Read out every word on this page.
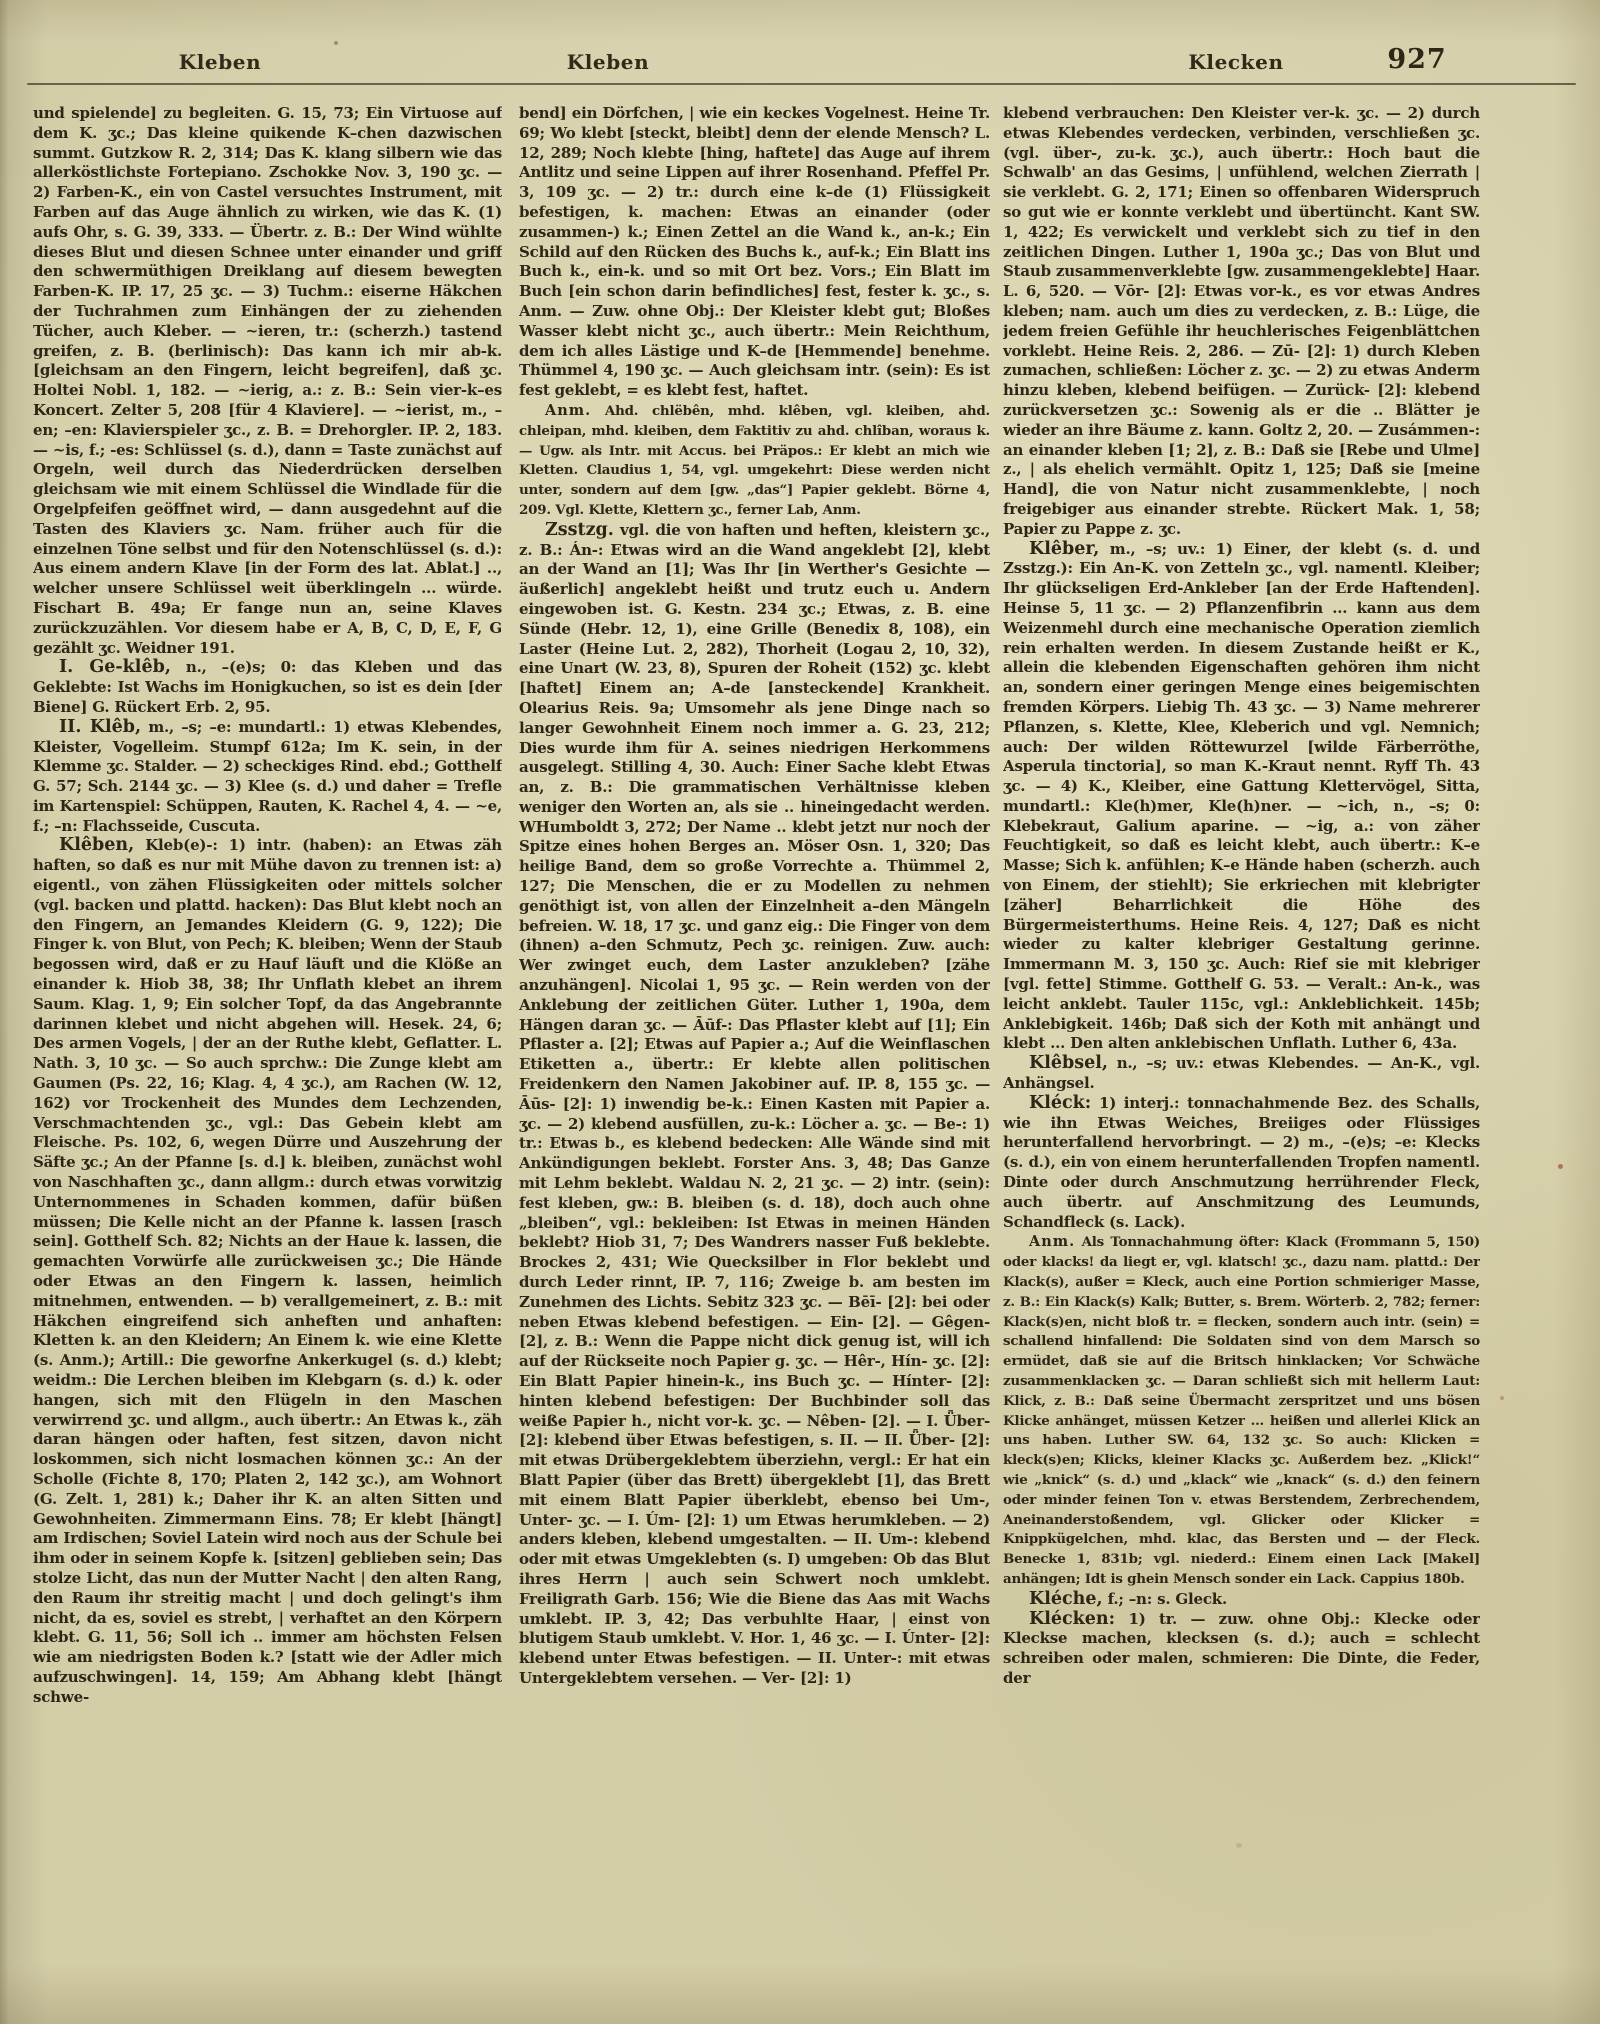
Kleben	Kleben	Klecken	927

und spielende] zu begleiten. G. 15, 73; Ein Virtuose auf dem K. ʒc.; Das kleine quikende K–chen dazwischen summt. Gutzkow R. 2, 314; Das K. klang silbern wie das allerköstlichste Fortepiano. Zschokke Nov. 3, 190 ʒc. — 2) Farben-K., ein von Castel versuchtes Instrument, mit Farben auf das Auge ähnlich zu wirken, wie das K. (1) aufs Ohr, s. G. 39, 333. — Übertr. z. B.: Der Wind wühlte dieses Blut und diesen Schnee unter einander und griff den schwermüthigen Dreiklang auf diesem bewegten Farben-K. IP. 17, 25 ʒc. — 3) Tuchm.: eiserne Häkchen der Tuchrahmen zum Einhängen der zu ziehenden Tücher, auch Kleber. — ~ieren, tr.: (scherzh.) tastend greifen, z. B. (berlinisch): Das kann ich mir ab-k. [gleichsam an den Fingern, leicht begreifen], daß ʒc. Holtei Nobl. 1, 182. — ~ierig, a.: z. B.: Sein vier-k–es Koncert. Zelter 5, 208 [für 4 Klaviere]. — ~ierist, m., –en; –en: Klavierspieler ʒc., z. B. = Drehorgler. IP. 2, 183. — ~is, f.; -es: Schlüssel (s. d.), dann = Taste zunächst auf Orgeln, weil durch das Niederdrücken derselben gleichsam wie mit einem Schlüssel die Windlade für die Orgelpfeifen geöffnet wird, — dann ausgedehnt auf die Tasten des Klaviers ʒc. Nam. früher auch für die einzelnen Töne selbst und für den Notenschlüssel (s. d.): Aus einem andern Klave [in der Form des lat. Ablat.] .., welcher unsere Schlüssel weit überklingeln ... würde. Fischart B. 49a; Er fange nun an, seine Klaves zurückzuzählen. Vor diesem habe er A, B, C, D, E, F, G gezählt ʒc. Weidner 191.

I. Ge-klêb, n., –(e)s; 0: das Kleben und das Geklebte: Ist Wachs im Honigkuchen, so ist es dein [der Biene] G. Rückert Erb. 2, 95.

II. Klêb, m., –s; –e: mundartl.: 1) etwas Klebendes, Kleister, Vogelleim. Stumpf 612a; Im K. sein, in der Klemme ʒc. Stalder. — 2) scheckiges Rind. ebd.; Gotthelf G. 57; Sch. 2144 ʒc. — 3) Klee (s. d.) und daher = Trefle im Kartenspiel: Schüppen, Rauten, K. Rachel 4, 4. — ~e, f.; –n: Flachsseide, Cuscuta.

Klêben, Kleb(e)-: 1) intr. (haben): an Etwas zäh haften, so daß es nur mit Mühe davon zu trennen ist: a) eigentl., von zähen Flüssigkeiten oder mittels solcher (vgl. backen und plattd. hacken): Das Blut klebt noch an den Fingern, an Jemandes Kleidern (G. 9, 122); Die Finger k. von Blut, von Pech; K. bleiben; Wenn der Staub begossen wird, daß er zu Hauf läuft und die Klöße an einander k. Hiob 38, 38; Ihr Unflath klebet an ihrem Saum. Klag. 1, 9; Ein solcher Topf, da das Angebrannte darinnen klebet und nicht abgehen will. Hesek. 24, 6; Des armen Vogels, | der an der Ruthe klebt, Geflatter. L. Nath. 3, 10 ʒc. — So auch sprchw.: Die Zunge klebt am Gaumen (Ps. 22, 16; Klag. 4, 4 ʒc.), am Rachen (W. 12, 162) vor Trockenheit des Mundes dem Lechzenden, Verschmachtenden ʒc., vgl.: Das Gebein klebt am Fleische. Ps. 102, 6, wegen Dürre und Auszehrung der Säfte ʒc.; An der Pfanne [s. d.] k. bleiben, zunächst wohl von Naschhaften ʒc., dann allgm.: durch etwas vorwitzig Unternommenes in Schaden kommen, dafür büßen müssen; Die Kelle nicht an der Pfanne k. lassen [rasch sein]. Gotthelf Sch. 82; Nichts an der Haue k. lassen, die gemachten Vorwürfe alle zurückweisen ʒc.; Die Hände oder Etwas an den Fingern k. lassen, heimlich mitnehmen, entwenden. — b) verallgemeinert, z. B.: mit Häkchen eingreifend sich anheften und anhaften: Kletten k. an den Kleidern; An Einem k. wie eine Klette (s. Anm.); Artill.: Die geworfne Ankerkugel (s. d.) klebt; weidm.: Die Lerchen bleiben im Klebgarn (s. d.) k. oder hangen, sich mit den Flügeln in den Maschen verwirrend ʒc. und allgm., auch übertr.: An Etwas k., zäh daran hängen oder haften, fest sitzen, davon nicht loskommen, sich nicht losmachen können ʒc.: An der Scholle (Fichte 8, 170; Platen 2, 142 ʒc.), am Wohnort (G. Zelt. 1, 281) k.; Daher ihr K. an alten Sitten und Gewohnheiten. Zimmermann Eins. 78; Er klebt [hängt] am Irdischen; Soviel Latein wird noch aus der Schule bei ihm oder in seinem Kopfe k. [sitzen] geblieben sein; Das stolze Licht, das nun der Mutter Nacht | den alten Rang, den Raum ihr streitig macht | und doch gelingt's ihm nicht, da es, soviel es strebt, | verhaftet an den Körpern klebt. G. 11, 56; Soll ich .. immer am höchsten Felsen wie am niedrigsten Boden k.? [statt wie der Adler mich aufzuschwingen]. 14, 159; Am Abhang klebt [hängt schwe-

bend] ein Dörfchen, | wie ein keckes Vogelnest. Heine Tr. 69; Wo klebt [steckt, bleibt] denn der elende Mensch? L. 12, 289; Noch klebte [hing, haftete] das Auge auf ihrem Antlitz und seine Lippen auf ihrer Rosenhand. Pfeffel Pr. 3, 109 ʒc. — 2) tr.: durch eine k–de (1) Flüssigkeit befestigen, k. machen: Etwas an einander (oder zusammen-) k.; Einen Zettel an die Wand k., an-k.; Ein Schild auf den Rücken des Buchs k., auf-k.; Ein Blatt ins Buch k., ein-k. und so mit Ort bez. Vors.; Ein Blatt im Buch [ein schon darin befindliches] fest, fester k. ʒc., s. Anm. — Zuw. ohne Obj.: Der Kleister klebt gut; Bloßes Wasser klebt nicht ʒc., auch übertr.: Mein Reichthum, dem ich alles Lästige und K–de [Hemmende] benehme. Thümmel 4, 190 ʒc. — Auch gleichsam intr. (sein): Es ist fest geklebt, = es klebt fest, haftet.

Anm. Ahd. chlëbên, mhd. klêben, vgl. kleiben, ahd. chleipan, mhd. kleiben, dem Faktitiv zu ahd. chlîban, woraus k. — Ugw. als Intr. mit Accus. bei Präpos.: Er klebt an mich wie Kletten. Claudius 1, 54, vgl. umgekehrt: Diese werden nicht unter, sondern auf dem [gw. „das“] Papier geklebt. Börne 4, 209. Vgl. Klette, Klettern ʒc., ferner Lab, Anm.

Zsstzg. vgl. die von haften und heften, kleistern ʒc., z. B.: Án-: Etwas wird an die Wand angeklebt [2], klebt an der Wand an [1]; Was Ihr [in Werther's Gesichte — äußerlich] angeklebt heißt und trutz euch u. Andern eingewoben ist. G. Kestn. 234 ʒc.; Etwas, z. B. eine Sünde (Hebr. 12, 1), eine Grille (Benedix 8, 108), ein Laster (Heine Lut. 2, 282), Thorheit (Logau 2, 10, 32), eine Unart (W. 23, 8), Spuren der Roheit (152) ʒc. klebt [haftet] Einem an; A–de [ansteckende] Krankheit. Olearius Reis. 9a; Umsomehr als jene Dinge nach so langer Gewohnheit Einem noch immer a. G. 23, 212; Dies wurde ihm für A. seines niedrigen Herkommens ausgelegt. Stilling 4, 30. Auch: Einer Sache klebt Etwas an, z. B.: Die grammatischen Verhältnisse kleben weniger den Worten an, als sie .. hineingedacht werden. WHumboldt 3, 272; Der Name .. klebt jetzt nur noch der Spitze eines hohen Berges an. Möser Osn. 1, 320; Das heilige Band, dem so große Vorrechte a. Thümmel 2, 127; Die Menschen, die er zu Modellen zu nehmen genöthigt ist, von allen der Einzelnheit a–den Mängeln befreien. W. 18, 17 ʒc. und ganz eig.: Die Finger von dem (ihnen) a–den Schmutz, Pech ʒc. reinigen. Zuw. auch: Wer zwinget euch, dem Laster anzukleben? [zähe anzuhängen]. Nicolai 1, 95 ʒc. — Rein werden von der Anklebung der zeitlichen Güter. Luther 1, 190a, dem Hängen daran ʒc. — Āūf-: Das Pflaster klebt auf [1]; Ein Pflaster a. [2]; Etwas auf Papier a.; Auf die Weinflaschen Etiketten a., übertr.: Er klebte allen politischen Freidenkern den Namen Jakobiner auf. IP. 8, 155 ʒc. — Āūs- [2]: 1) inwendig be-k.: Einen Kasten mit Papier a. ʒc. — 2) klebend ausfüllen, zu-k.: Löcher a. ʒc. — Be-: 1) tr.: Etwas b., es klebend bedecken: Alle Wände sind mit Ankündigungen beklebt. Forster Ans. 3, 48; Das Ganze mit Lehm beklebt. Waldau N. 2, 21 ʒc. — 2) intr. (sein): fest kleben, gw.: B. bleiben (s. d. 18), doch auch ohne „bleiben“, vgl.: bekleiben: Ist Etwas in meinen Händen beklebt? Hiob 31, 7; Des Wandrers nasser Fuß beklebte. Brockes 2, 431; Wie Quecksilber in Flor beklebt und durch Leder rinnt, IP. 7, 116; Zweige b. am besten im Zunehmen des Lichts. Sebitz 323 ʒc. — Bēī- [2]: bei oder neben Etwas klebend befestigen. — Ein- [2]. — Gêgen- [2], z. B.: Wenn die Pappe nicht dick genug ist, will ich auf der Rückseite noch Papier g. ʒc. — Hêr-, Hín- ʒc. [2]: Ein Blatt Papier hinein-k., ins Buch ʒc. — Hínter- [2]: hinten klebend befestigen: Der Buchbinder soll das weiße Papier h., nicht vor-k. ʒc. — Nêben- [2]. — I. Ǖber- [2]: klebend über Etwas befestigen, s. II. — II. Ǖber- [2]: mit etwas Drübergeklebtem überziehn, vergl.: Er hat ein Blatt Papier (über das Brett) übergeklebt [1], das Brett mit einem Blatt Papier überklebt, ebenso bei Um-, Unter- ʒc. — I. Úm- [2]: 1) um Etwas herumkleben. — 2) anders kleben, klebend umgestalten. — II. Um-: klebend oder mit etwas Umgeklebten (s. I) umgeben: Ob das Blut ihres Herrn | auch sein Schwert noch umklebt. Freiligrath Garb. 156; Wie die Biene das Aas mit Wachs umklebt. IP. 3, 42; Das verbuhlte Haar, | einst von blutigem Staub umklebt. V. Hor. 1, 46 ʒc. — I. Únter- [2]: klebend unter Etwas befestigen. — II. Unter-: mit etwas Untergeklebtem versehen. — Ver- [2]: 1)

klebend verbrauchen: Den Kleister ver-k. ʒc. — 2) durch etwas Klebendes verdecken, verbinden, verschließen ʒc. (vgl. über-, zu-k. ʒc.), auch übertr.: Hoch baut die Schwalb' an das Gesims, | unfühlend, welchen Zierrath | sie verklebt. G. 2, 171; Einen so offenbaren Widerspruch so gut wie er konnte verklebt und übertüncht. Kant SW. 1, 422; Es verwickelt und verklebt sich zu tief in den zeitlichen Dingen. Luther 1, 190a ʒc.; Das von Blut und Staub zusammenverklebte [gw. zusammengeklebte] Haar. L. 6, 520. — Vōr- [2]: Etwas vor-k., es vor etwas Andres kleben; nam. auch um dies zu verdecken, z. B.: Lüge, die jedem freien Gefühle ihr heuchlerisches Feigenblättchen vorklebt. Heine Reis. 2, 286. — Zū- [2]: 1) durch Kleben zumachen, schließen: Löcher z. ʒc. — 2) zu etwas Anderm hinzu kleben, klebend beifügen. — Zurück- [2]: klebend zurückversetzen ʒc.: Sowenig als er die .. Blätter je wieder an ihre Bäume z. kann. Goltz 2, 20. — Zusámmen-: an einander kleben [1; 2], z. B.: Daß sie [Rebe und Ulme] z., | als ehelich vermählt. Opitz 1, 125; Daß sie [meine Hand], die von Natur nicht zusammenklebte, | noch freigebiger aus einander strebte. Rückert Mak. 1, 58; Papier zu Pappe z. ʒc.

Klêber, m., –s; uv.: 1) Einer, der klebt (s. d. und Zsstzg.): Ein An-K. von Zetteln ʒc., vgl. namentl. Kleiber; Ihr glückseligen Erd-Ankleber [an der Erde Haftenden]. Heinse 5, 11 ʒc. — 2) Pflanzenfibrin ... kann aus dem Weizenmehl durch eine mechanische Operation ziemlich rein erhalten werden. In diesem Zustande heißt er K., allein die klebenden Eigenschaften gehören ihm nicht an, sondern einer geringen Menge eines beigemischten fremden Körpers. Liebig Th. 43 ʒc. — 3) Name mehrerer Pflanzen, s. Klette, Klee, Kleberich und vgl. Nemnich; auch: Der wilden Röttewurzel [wilde Färberröthe, Asperula tinctoria], so man K.-Kraut nennt. Ryff Th. 43 ʒc. — 4) K., Kleiber, eine Gattung Klettervögel, Sitta, mundartl.: Kle(h)mer, Kle(h)ner. — ~ich, n., –s; 0: Klebekraut, Galium aparine. — ~ig, a.: von zäher Feuchtigkeit, so daß es leicht klebt, auch übertr.: K–e Masse; Sich k. anfühlen; K–e Hände haben (scherzh. auch von Einem, der stiehlt); Sie erkriechen mit klebrigter [zäher] Beharrlichkeit die Höhe des Bürgermeisterthums. Heine Reis. 4, 127; Daß es nicht wieder zu kalter klebriger Gestaltung gerinne. Immermann M. 3, 150 ʒc. Auch: Rief sie mit klebriger [vgl. fette] Stimme. Gotthelf G. 53. — Veralt.: An-k., was leicht anklebt. Tauler 115c, vgl.: Ankleblichkeit. 145b; Anklebigkeit. 146b; Daß sich der Koth mit anhängt und klebt ... Den alten anklebischen Unflath. Luther 6, 43a.

Klêbsel, n., –s; uv.: etwas Klebendes. — An-K., vgl. Anhängsel.

Kléck: 1) interj.: tonnachahmende Bez. des Schalls, wie ihn Etwas Weiches, Breiiges oder Flüssiges herunterfallend hervorbringt. — 2) m., –(e)s; –e: Klecks (s. d.), ein von einem herunterfallenden Tropfen namentl. Dinte oder durch Anschmutzung herrührender Fleck, auch übertr. auf Anschmitzung des Leumunds, Schandfleck (s. Lack).

Anm. Als Tonnachahmung öfter: Klack (Frommann 5, 150) oder klacks! da liegt er, vgl. klatsch! ʒc., dazu nam. plattd.: Der Klack(s), außer = Kleck, auch eine Portion schmieriger Masse, z. B.: Ein Klack(s) Kalk; Butter, s. Brem. Wörterb. 2, 782; ferner: Klack(s)en, nicht bloß tr. = flecken, sondern auch intr. (sein) = schallend hinfallend: Die Soldaten sind von dem Marsch so ermüdet, daß sie auf die Britsch hinklacken; Vor Schwäche zusammenklacken ʒc. — Daran schließt sich mit hellerm Laut: Klick, z. B.: Daß seine Übermacht zerspritzet und uns bösen Klicke anhänget, müssen Ketzer ... heißen und allerlei Klick an uns haben. Luther SW. 64, 132 ʒc. So auch: Klicken = kleck(s)en; Klicks, kleiner Klacks ʒc. Außerdem bez. „Klick!“ wie „knick“ (s. d.) und „klack“ wie „knack“ (s. d.) den feinern oder minder feinen Ton v. etwas Berstendem, Zerbrechendem, Aneinanderstoßendem, vgl. Glicker oder Klicker = Knippkügelchen, mhd. klac, das Bersten und — der Fleck. Benecke 1, 831b; vgl. niederd.: Einem einen Lack [Makel] anhängen; Idt is ghein Mensch sonder ein Lack. Cappius 180b.

Kléche, f.; –n: s. Gleck.

Klécken: 1) tr. — zuw. ohne Obj.: Klecke oder Kleckse machen, klecksen (s. d.); auch = schlecht schreiben oder malen, schmieren: Die Dinte, die Feder, der
